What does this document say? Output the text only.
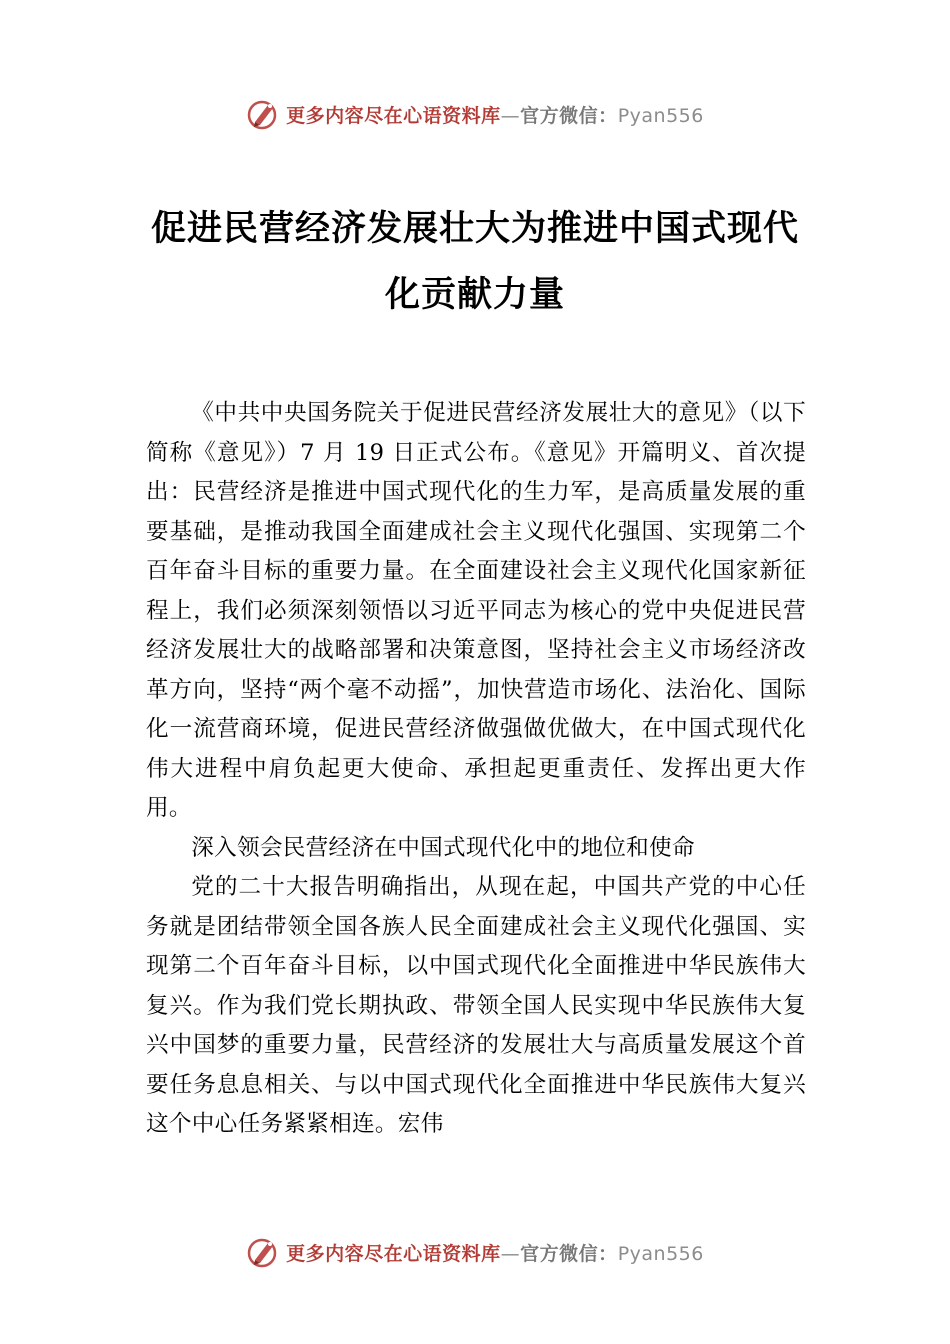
更多内容尽在心语资料库—官方微信：Pyan556
促进民营经济发展壮大为推进中国式现代
化贡献力量

《中共中央国务院关于促进民营经济发展壮大的意见》（以下简称《意见》）7 月 19 日正式公布。《意见》开篇明义、首次提出：民营经济是推进中国式现代化的生力军，是高质量发展的重要基础，是推动我国全面建成社会主义现代化强国、实现第二个百年奋斗目标的重要力量。在全面建设社会主义现代化国家新征程上，我们必须深刻领悟以习近平同志为核心的党中央促进民营经济发展壮大的战略部署和决策意图，坚持社会主义市场经济改革方向，坚持“两个毫不动摇”，加快营造市场化、法治化、国际化一流营商环境，促进民营经济做强做优做大，在中国式现代化伟大进程中肩负起更大使命、承担起更重责任、发挥出更大作用。

深入领会民营经济在中国式现代化中的地位和使命

党的二十大报告明确指出，从现在起，中国共产党的中心任务就是团结带领全国各族人民全面建成社会主义现代化强国、实现第二个百年奋斗目标，以中国式现代化全面推进中华民族伟大复兴。作为我们党长期执政、带领全国人民实现中华民族伟大复兴中国梦的重要力量，民营经济的发展壮大与高质量发展这个首要任务息息相关、与以中国式现代化全面推进中华民族伟大复兴这个中心任务紧紧相连。宏伟

更多内容尽在心语资料库—官方微信：Pyan556
